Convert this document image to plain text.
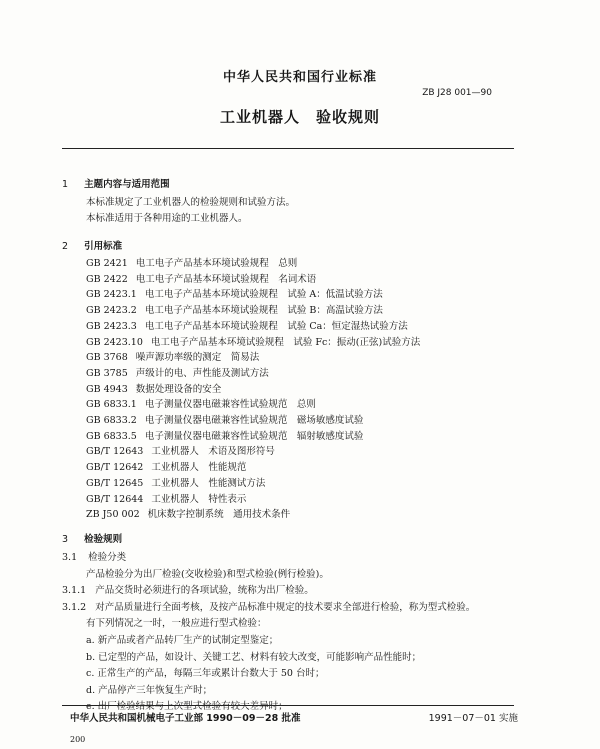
中华人民共和国行业标准
ZB J28 001—90
工业机器人 验收规则
1 主题内容与适用范围
本标准规定了工业机器人的检验规则和试验方法。
本标准适用于各种用途的工业机器人。
2 引用标准
GB 2421 电工电子产品基本环境试验规程　总则
GB 2422 电工电子产品基本环境试验规程　名词术语
GB 2423.1 电工电子产品基本环境试验规程　试验 A：低温试验方法
GB 2423.2 电工电子产品基本环境试验规程　试验 B：高温试验方法
GB 2423.3 电工电子产品基本环境试验规程　试验 Ca：恒定湿热试验方法
GB 2423.10 电工电子产品基本环境试验规程　试验 Fc：振动(正弦)试验方法
GB 3768 噪声源功率级的测定　简易法
GB 3785 声级计的电、声性能及测试方法
GB 4943 数据处理设备的安全
GB 6833.1 电子测量仪器电磁兼容性试验规范　总则
GB 6833.2 电子测量仪器电磁兼容性试验规范　磁场敏感度试验
GB 6833.5 电子测量仪器电磁兼容性试验规范　辐射敏感度试验
GB/T 12643 工业机器人　术语及图形符号
GB/T 12642 工业机器人　性能规范
GB/T 12645 工业机器人　性能测试方法
GB/T 12644 工业机器人　特性表示
ZB J50 002 机床数字控制系统　通用技术条件
3 检验规则
3.1 检验分类
产品检验分为出厂检验(交收检验)和型式检验(例行检验)。
3.1.1 产品交货时必须进行的各项试验，统称为出厂检验。
3.1.2 对产品质量进行全面考核，及按产品标准中规定的技术要求全部进行检验，称为型式检验。
有下列情况之一时，一般应进行型式检验：
a. 新产品或者产品转厂生产的试制定型鉴定；
b. 已定型的产品，如设计、关键工艺、材料有较大改变，可能影响产品性能时；
c. 正常生产的产品，每隔三年或累计台数大于 50 台时；
d. 产品停产三年恢复生产时；
e. 出厂检验结果与上次型式检验有较大差异时；
中华人民共和国机械电子工业部 1990－09－28 批准	1991－07－01 实施
200
